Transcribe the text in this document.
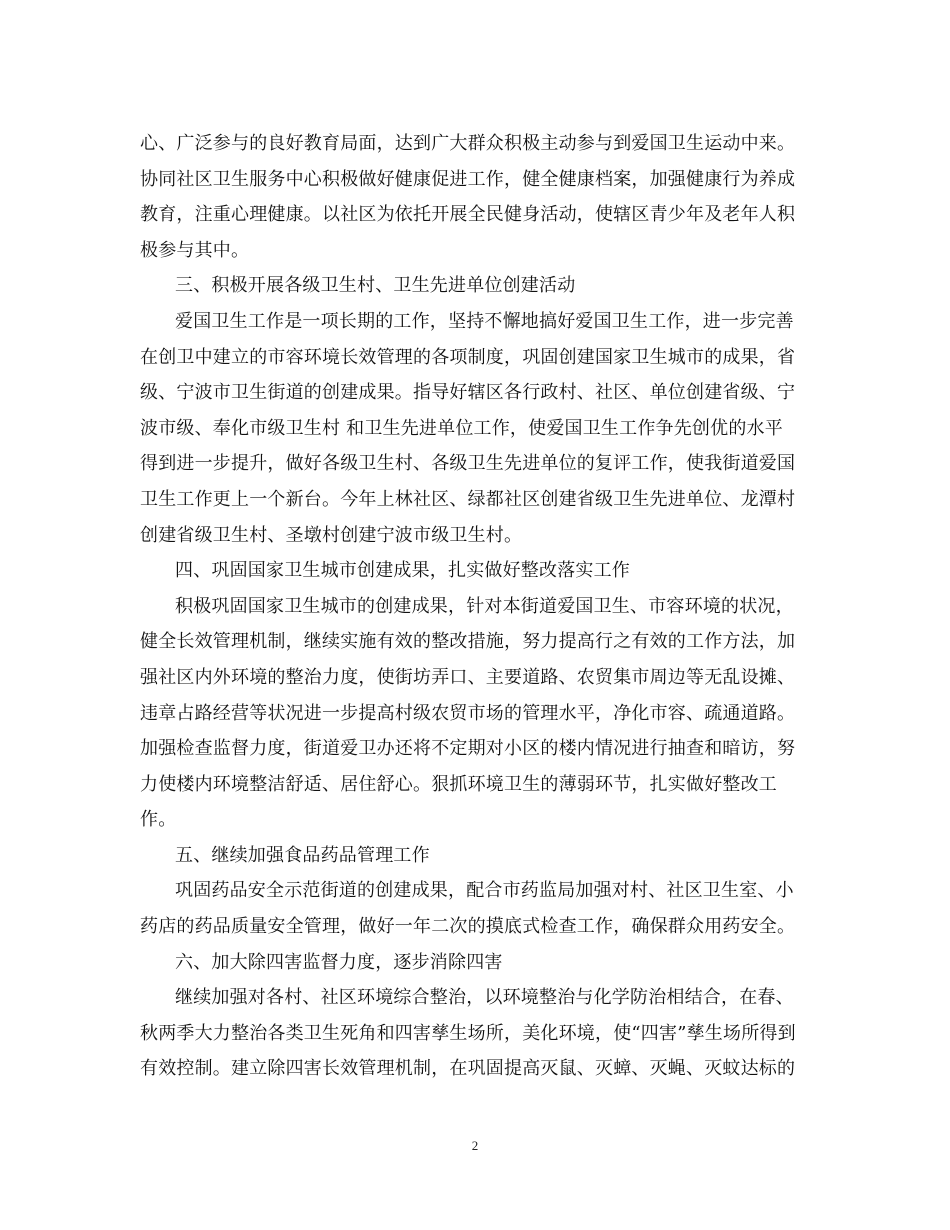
心、广泛参与的良好教育局面，达到广大群众积极主动参与到爱国卫生运动中来。
协同社区卫生服务中心积极做好健康促进工作，健全健康档案，加强健康行为养成
教育，注重心理健康。以社区为依托开展全民健身活动，使辖区青少年及老年人积
极参与其中。
三、积极开展各级卫生村、卫生先进单位创建活动
爱国卫生工作是一项长期的工作，坚持不懈地搞好爱国卫生工作，进一步完善
在创卫中建立的市容环境长效管理的各项制度，巩固创建国家卫生城市的成果，省
级、宁波市卫生街道的创建成果。指导好辖区各行政村、社区、单位创建省级、宁
波市级、奉化市级卫生村 和卫生先进单位工作，使爱国卫生工作争先创优的水平
得到进一步提升，做好各级卫生村、各级卫生先进单位的复评工作，使我街道爱国
卫生工作更上一个新台。今年上林社区、绿都社区创建省级卫生先进单位、龙潭村
创建省级卫生村、圣墩村创建宁波市级卫生村。
四、巩固国家卫生城市创建成果，扎实做好整改落实工作
积极巩固国家卫生城市的创建成果，针对本街道爱国卫生、市容环境的状况，
健全长效管理机制，继续实施有效的整改措施，努力提高行之有效的工作方法，加
强社区内外环境的整治力度，使街坊弄口、主要道路、农贸集市周边等无乱设摊、
违章占路经营等状况进一步提高村级农贸市场的管理水平，净化市容、疏通道路。
加强检查监督力度，街道爱卫办还将不定期对小区的楼内情况进行抽查和暗访，努
力使楼内环境整洁舒适、居住舒心。狠抓环境卫生的薄弱环节，扎实做好整改工
作。
五、继续加强食品药品管理工作
巩固药品安全示范街道的创建成果，配合市药监局加强对村、社区卫生室、小
药店的药品质量安全管理，做好一年二次的摸底式检查工作，确保群众用药安全。
六、加大除四害监督力度，逐步消除四害
继续加强对各村、社区环境综合整治，以环境整治与化学防治相结合，在春、
秋两季大力整治各类卫生死角和四害孳生场所，美化环境，使“四害”孳生场所得到
有效控制。建立除四害长效管理机制，在巩固提高灭鼠、灭蟑、灭蝇、灭蚊达标的
2
